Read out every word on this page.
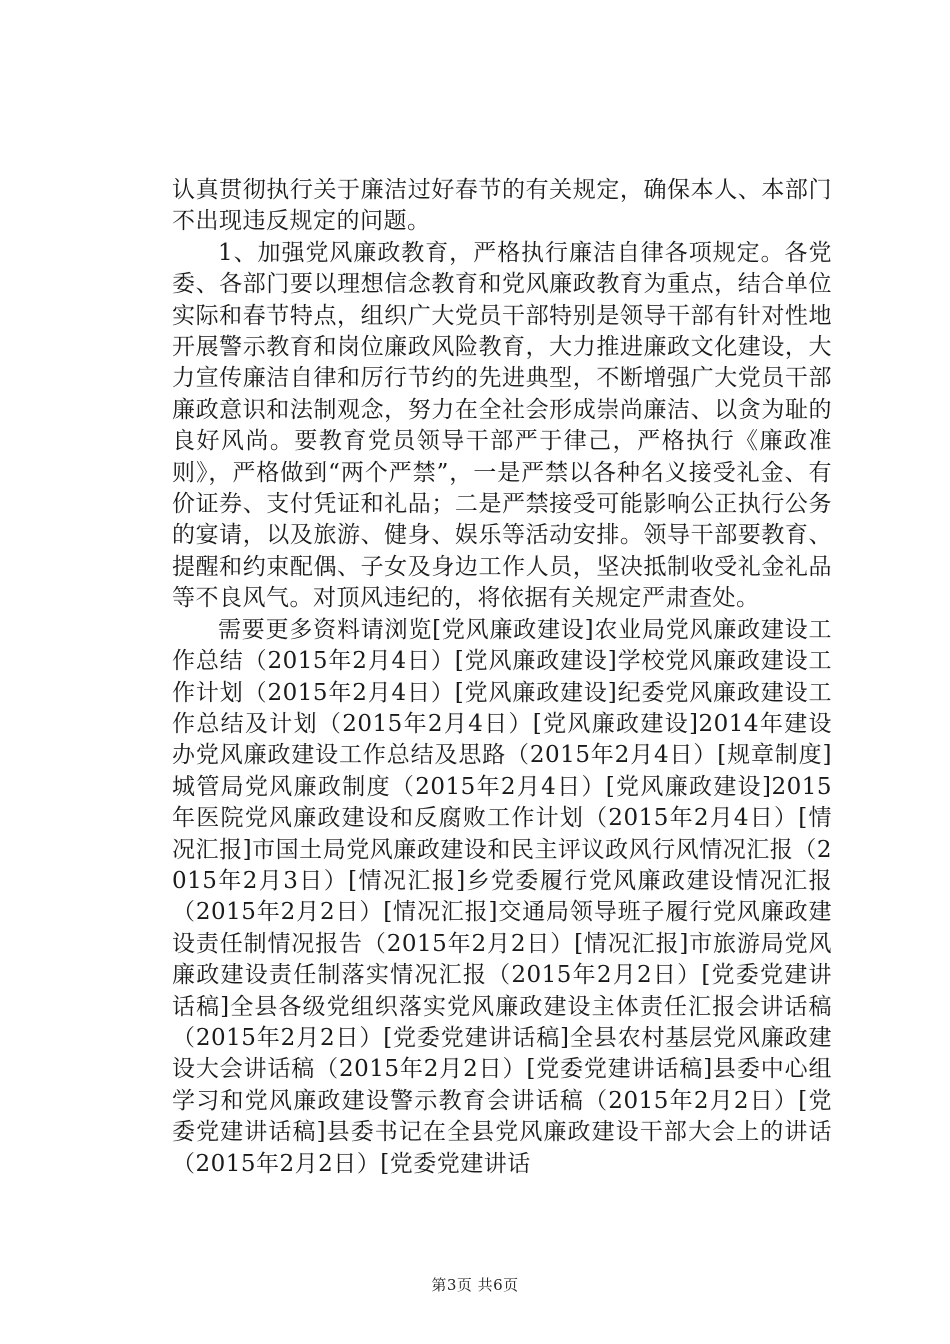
认真贯彻执行关于廉洁过好春节的有关规定，确保本人、本部门不出现违反规定的问题。

1、加强党风廉政教育，严格执行廉洁自律各项规定。各党委、各部门要以理想信念教育和党风廉政教育为重点，结合单位实际和春节特点，组织广大党员干部特别是领导干部有针对性地开展警示教育和岗位廉政风险教育，大力推进廉政文化建设，大力宣传廉洁自律和厉行节约的先进典型，不断增强广大党员干部廉政意识和法制观念，努力在全社会形成崇尚廉洁、以贪为耻的良好风尚。要教育党员领导干部严于律己，严格执行《廉政准则》，严格做到“两个严禁”，一是严禁以各种名义接受礼金、有价证券、支付凭证和礼品；二是严禁接受可能影响公正执行公务的宴请，以及旅游、健身、娱乐等活动安排。领导干部要教育、提醒和约束配偶、子女及身边工作人员，坚决抵制收受礼金礼品等不良风气。对顶风违纪的，将依据有关规定严肃查处。

需要更多资料请浏览[党风廉政建设]农业局党风廉政建设工作总结（2015年2月4日）[党风廉政建设]学校党风廉政建设工作计划（2015年2月4日）[党风廉政建设]纪委党风廉政建设工作总结及计划（2015年2月4日）[党风廉政建设]2014年建设办党风廉政建设工作总结及思路（2015年2月4日）[规章制度]城管局党风廉政制度（2015年2月4日）[党风廉政建设]2015年医院党风廉政建设和反腐败工作计划（2015年2月4日）[情况汇报]市国土局党风廉政建设和民主评议政风行风情况汇报（2015年2月3日）[情况汇报]乡党委履行党风廉政建设情况汇报（2015年2月2日）[情况汇报]交通局领导班子履行党风廉政建设责任制情况报告（2015年2月2日）[情况汇报]市旅游局党风廉政建设责任制落实情况汇报（2015年2月2日）[党委党建讲话稿]全县各级党组织落实党风廉政建设主体责任汇报会讲话稿（2015年2月2日）[党委党建讲话稿]全县农村基层党风廉政建设大会讲话稿（2015年2月2日）[党委党建讲话稿]县委中心组学习和党风廉政建设警示教育会讲话稿（2015年2月2日）[党委党建讲话稿]县委书记在全县党风廉政建设干部大会上的讲话（2015年2月2日）[党委党建讲话

第3页 共6页
